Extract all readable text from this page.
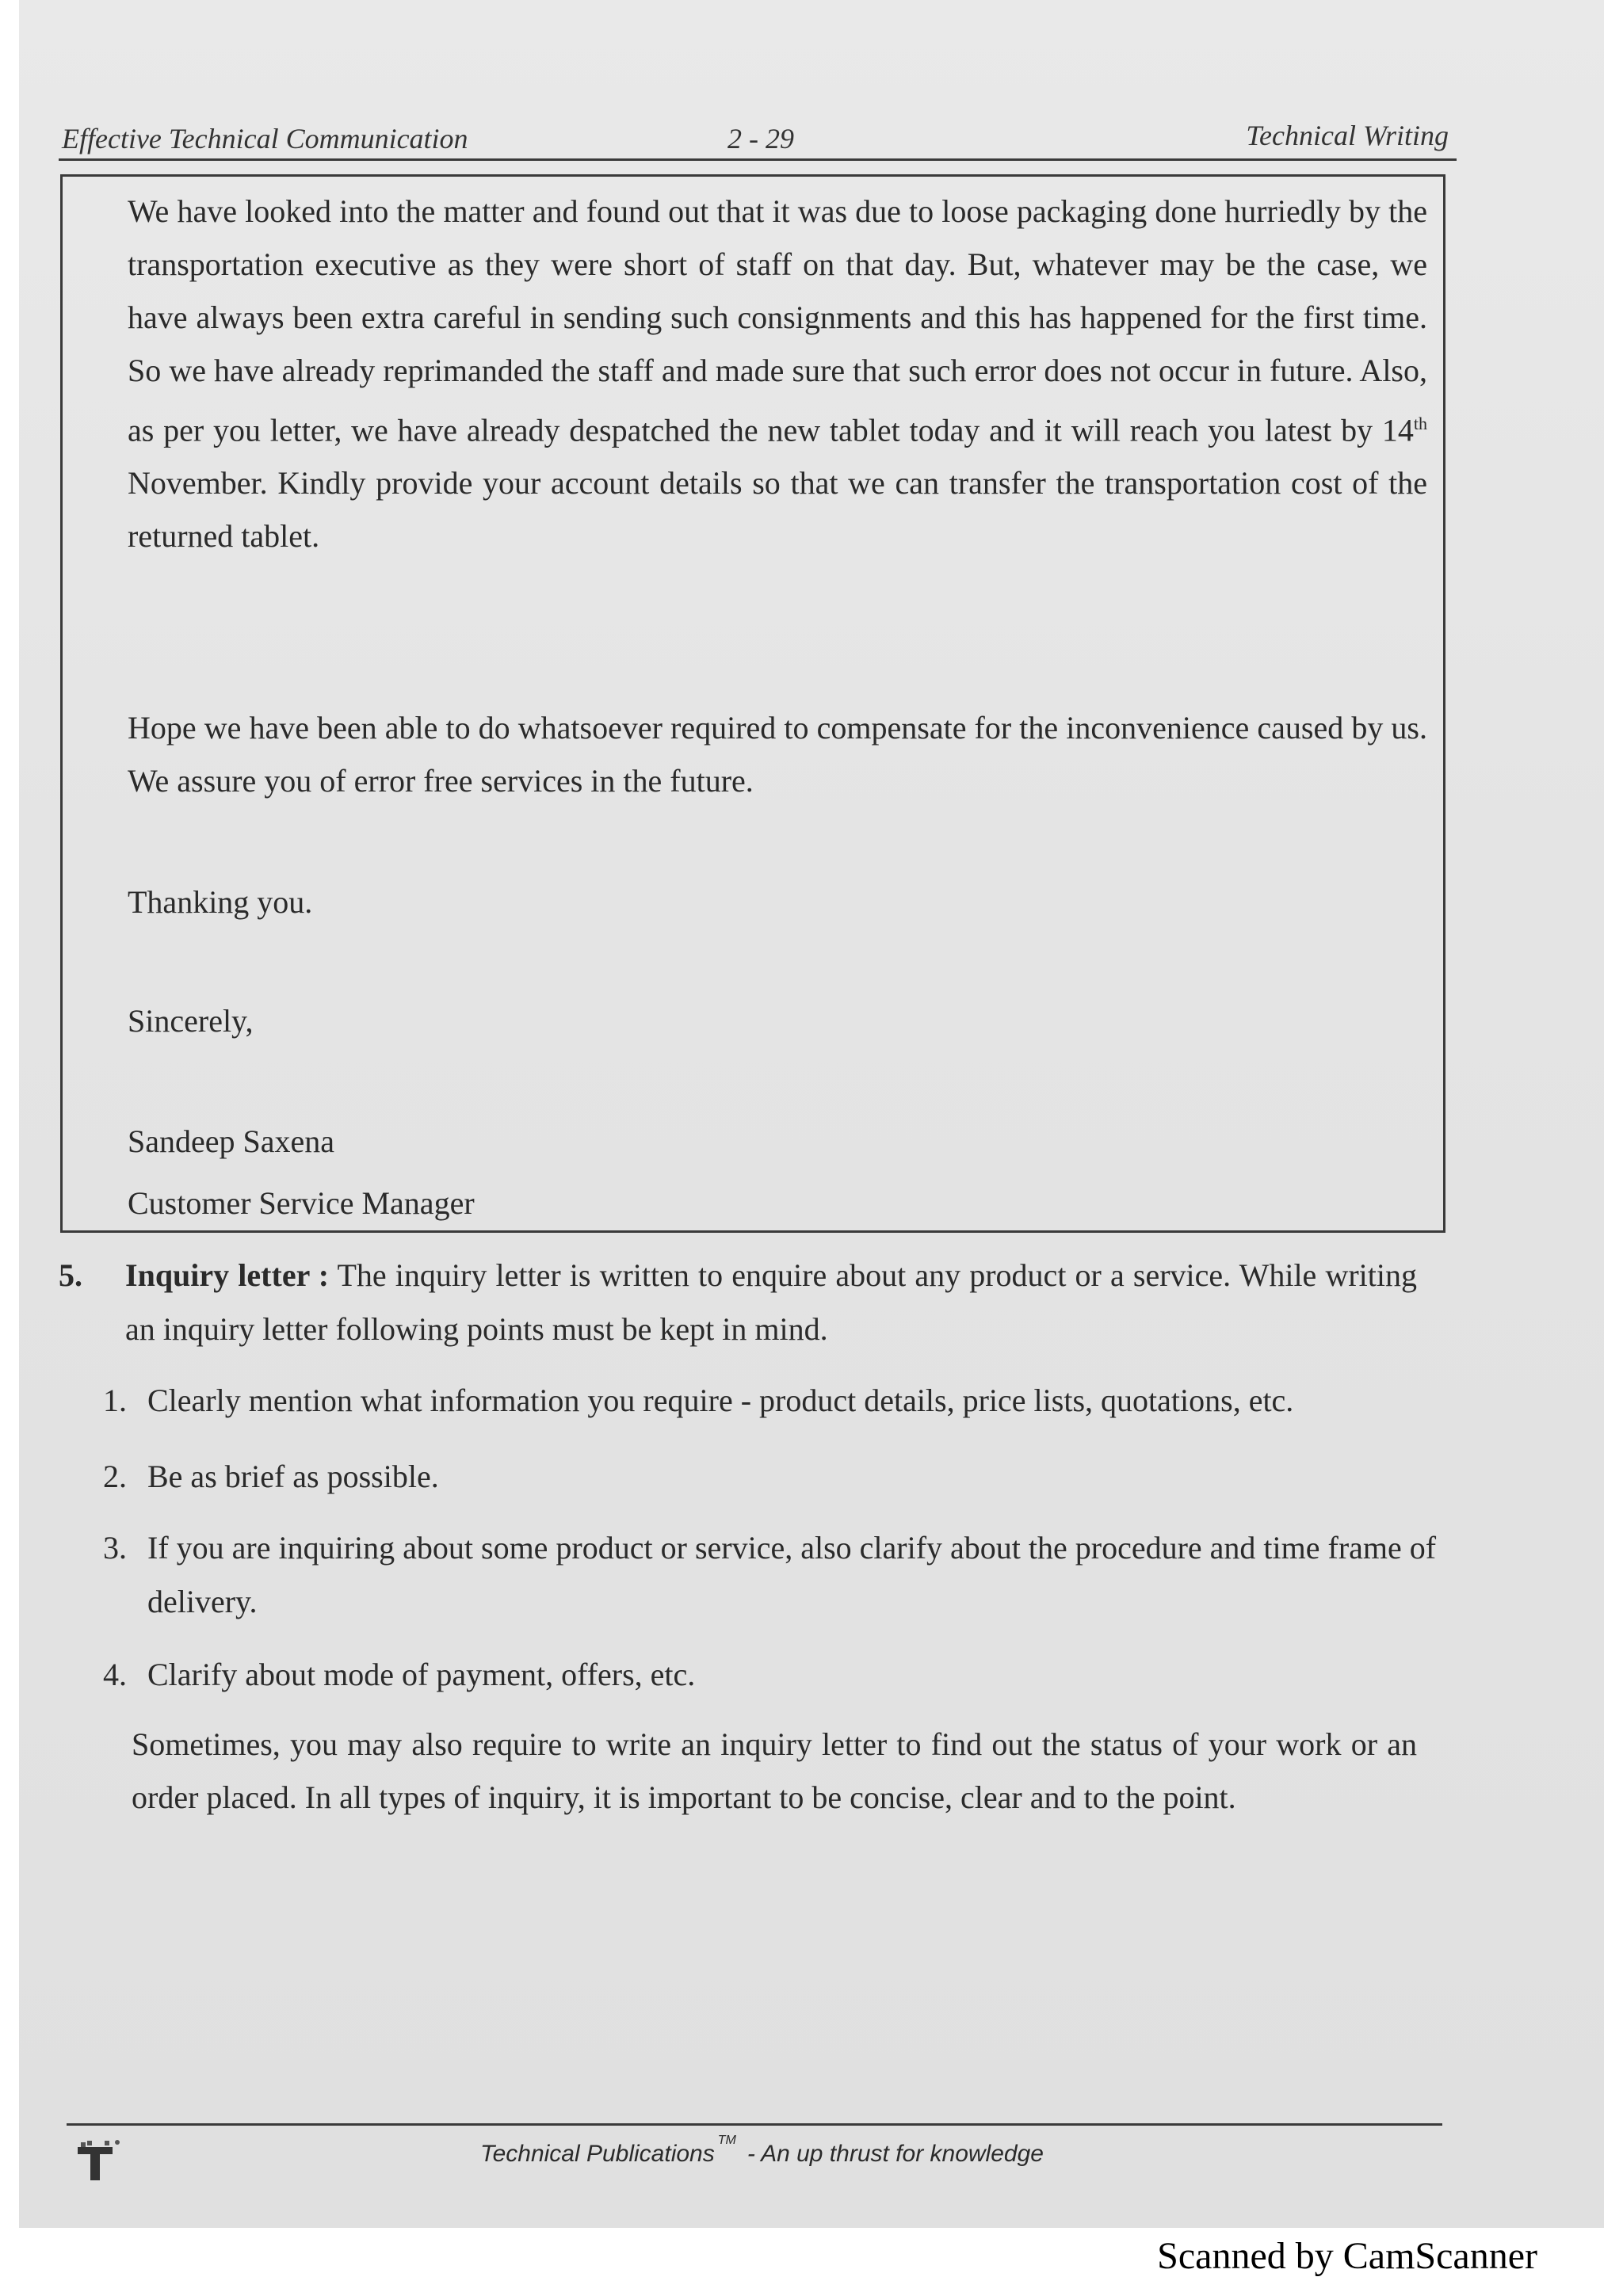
Effective Technical Communication	2 - 29	Technical Writing

We have looked into the matter and found out that it was due to loose packaging done hurriedly by the transportation executive as they were short of staff on that day. But, whatever may be the case, we have always been extra careful in sending such consignments and this has happened for the first time. So we have already reprimanded the staff and made sure that such error does not occur in future. Also, as per you letter, we have already despatched the new tablet today and it will reach you latest by 14th November. Kindly provide your account details so that we can transfer the transportation cost of the returned tablet.

Hope we have been able to do whatsoever required to compensate for the inconvenience caused by us. We assure you of error free services in the future.

Thanking you.

Sincerely,

Sandeep Saxena

Customer Service Manager

5. Inquiry letter : The inquiry letter is written to enquire about any product or a service. While writing an inquiry letter following points must be kept in mind.
1. Clearly mention what information you require - product details, price lists, quotations, etc.
2. Be as brief as possible.
3. If you are inquiring about some product or service, also clarify about the procedure and time frame of delivery.
4. Clarify about mode of payment, offers, etc.
Sometimes, you may also require to write an inquiry letter to find out the status of your work or an order placed. In all types of inquiry, it is important to be concise, clear and to the point.
Technical Publications™- An up thrust for knowledge
Scanned by CamScanner
